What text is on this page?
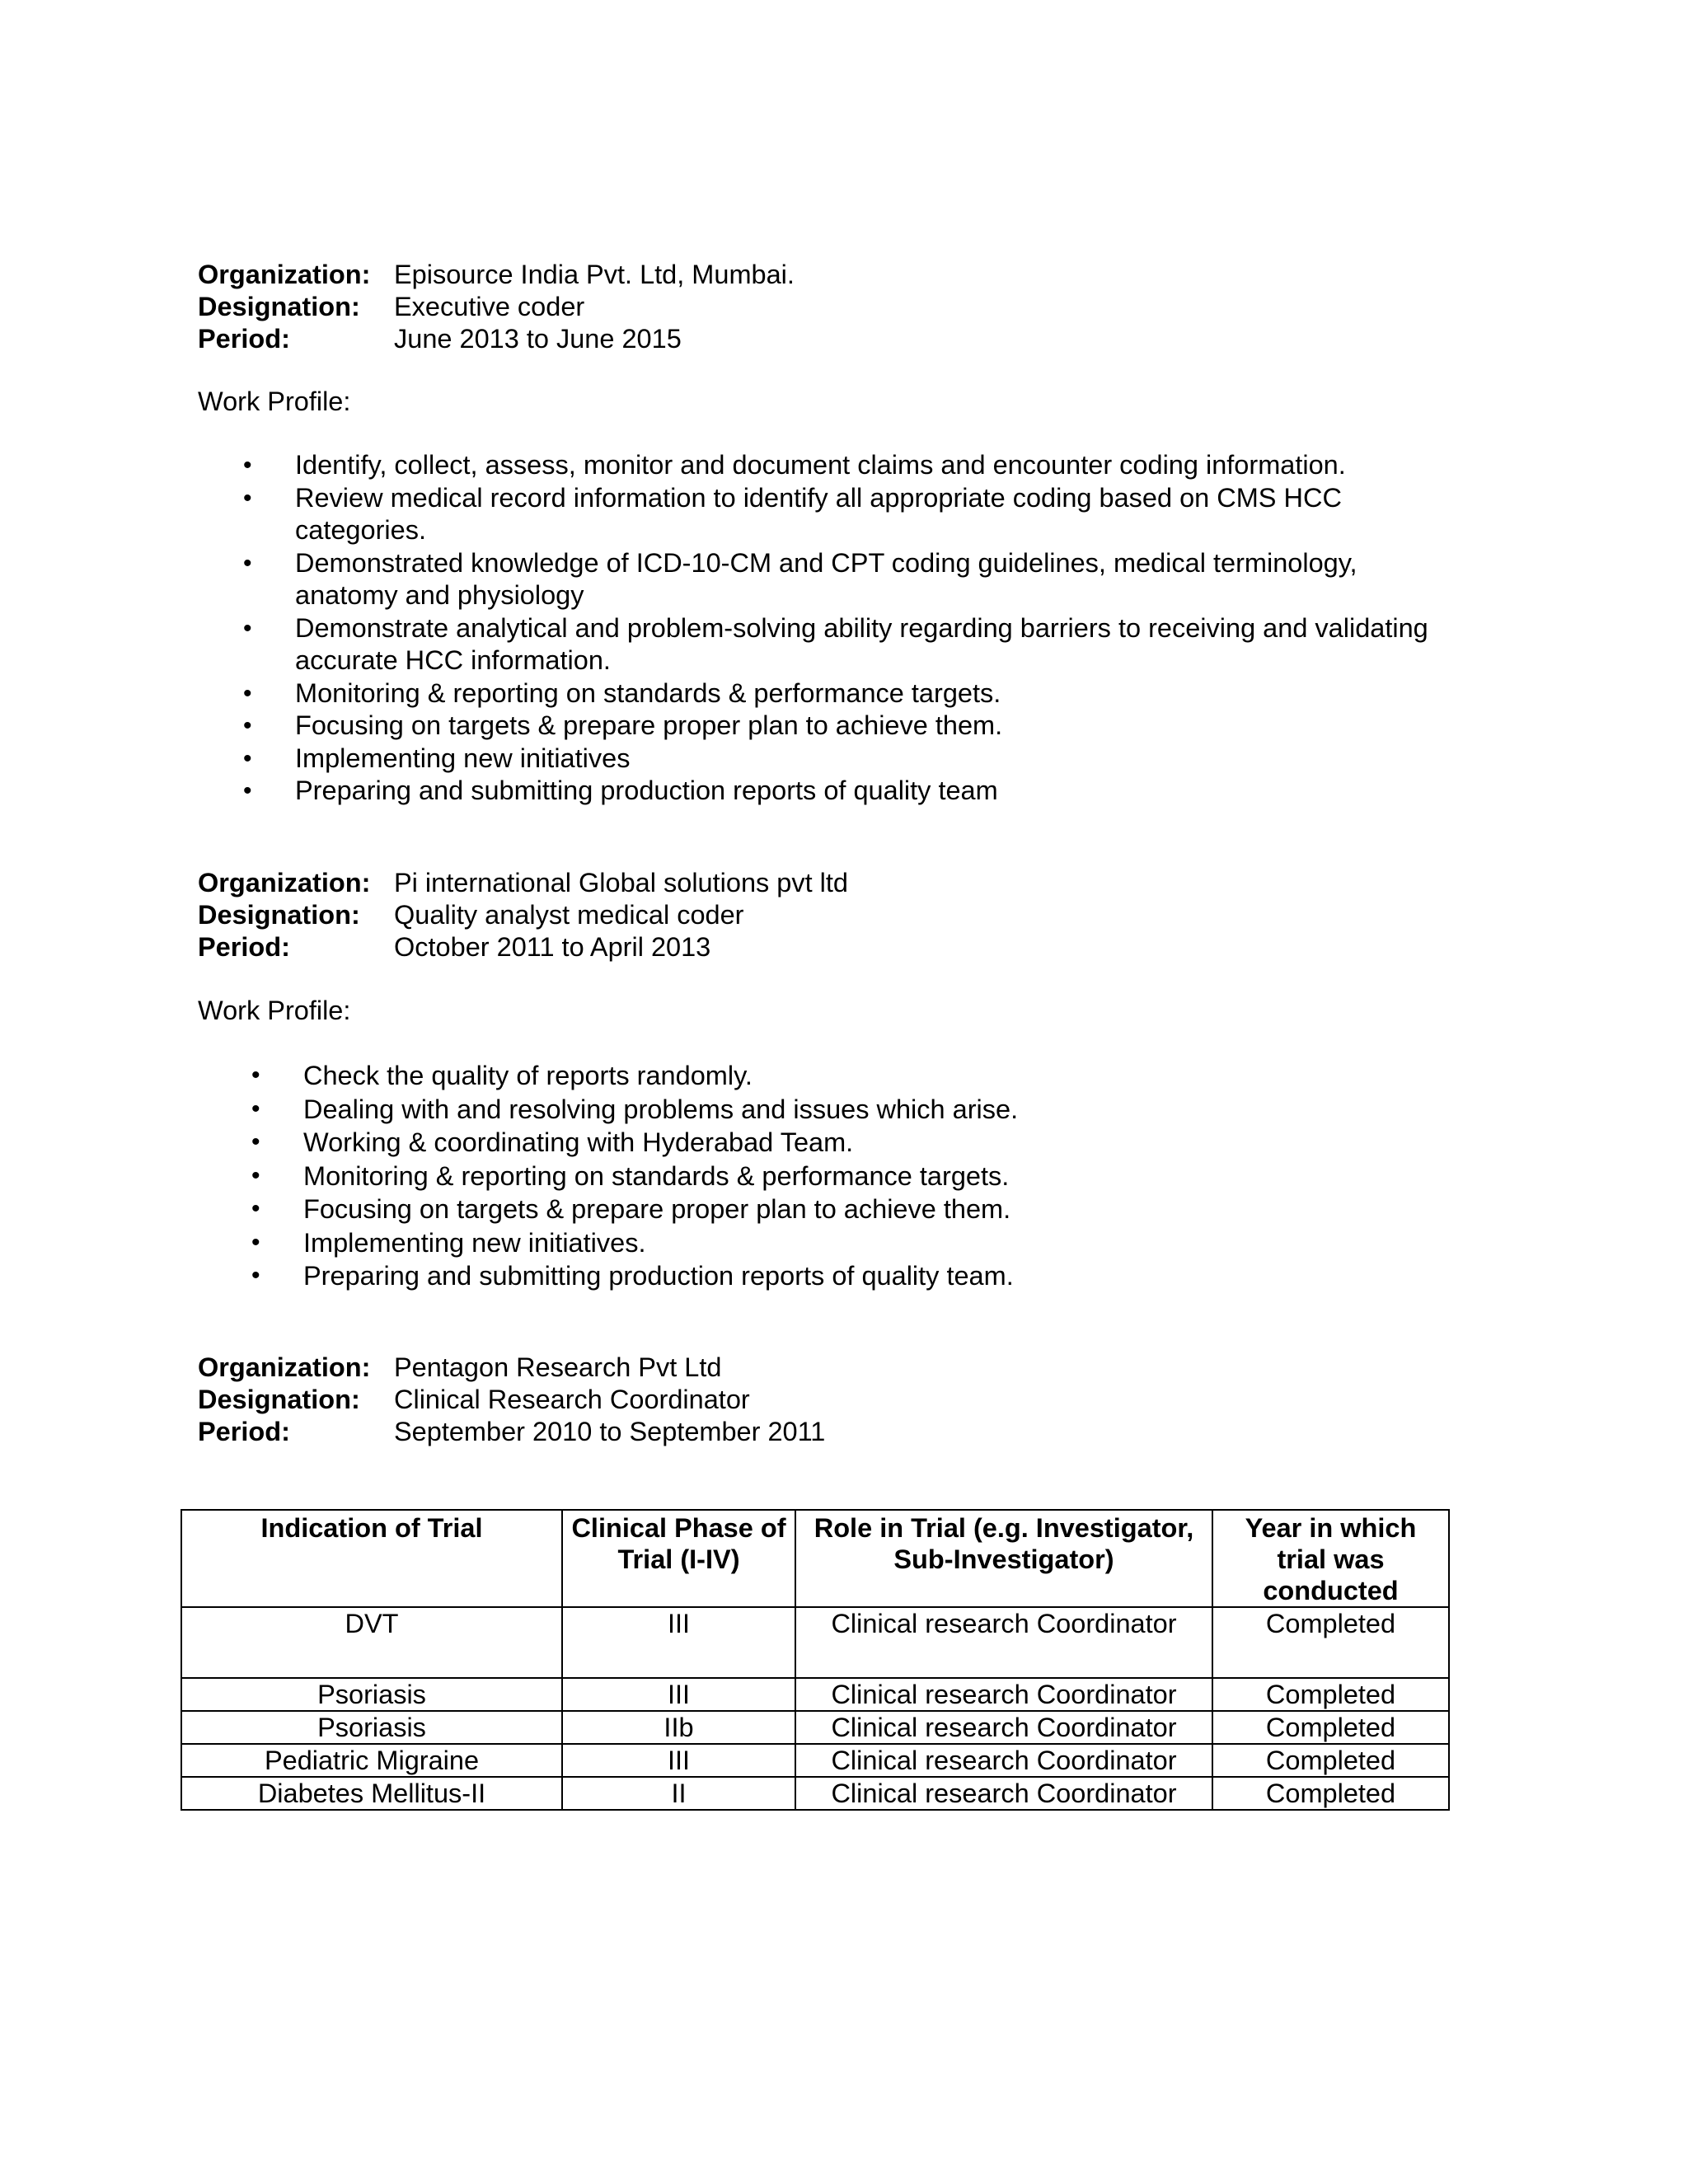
Organization: Episource India Pvt. Ltd, Mumbai.
Designation:	Executive coder
Period:	June 2013 to June 2015
Work Profile:
• Identify, collect, assess, monitor and document claims and encounter coding information.
• Review medical record information to identify all appropriate coding based on CMS HCC categories.
• Demonstrated knowledge of ICD-10-CM and CPT coding guidelines, medical terminology, anatomy and physiology
• Demonstrate analytical and problem-solving ability regarding barriers to receiving and validating accurate HCC information.
• Monitoring & reporting on standards & performance targets.
• Focusing on targets & prepare proper plan to achieve them.
• Implementing new initiatives
• Preparing and submitting production reports of quality team
Organization: Pi international Global solutions pvt ltd
Designation:	Quality analyst medical coder
Period:	October 2011 to April 2013
Work Profile:
• Check the quality of reports randomly.
• Dealing with and resolving problems and issues which arise.
• Working & coordinating with Hyderabad Team.
• Monitoring & reporting on standards & performance targets.
• Focusing on targets & prepare proper plan to achieve them.
• Implementing new initiatives.
• Preparing and submitting production reports of quality team.
Organization: Pentagon Research Pvt Ltd
Designation:	Clinical Research Coordinator
Period:	September 2010 to September 2011
Indication of Trial	Clinical Phase of Trial (I-IV)	Role in Trial (e.g. Investigator, Sub-Investigator)	Year in which trial was conducted
DVT	III	Clinical research Coordinator	Completed
Psoriasis	III	Clinical research Coordinator	Completed
Psoriasis	IIb	Clinical research Coordinator	Completed
Pediatric Migraine	III	Clinical research Coordinator	Completed
Diabetes Mellitus-II	II	Clinical research Coordinator	Completed
